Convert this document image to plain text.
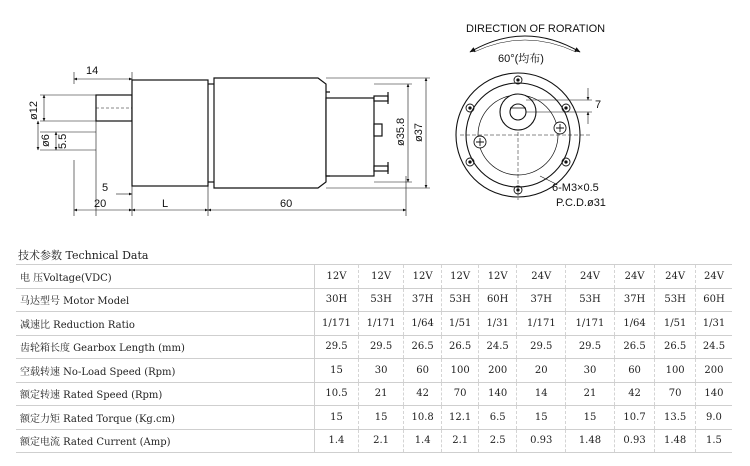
14
ø12
ø6 5.5
5
20	L	60
ø35.8 ø37
DIRECTION OF RORATION
60°(均布)
7
6-M3×0.5
P.C.D.ø31
技术参数 Technical Data
电 压Voltage(VDC)	12V	12V	12V	12V	12V	24V	24V	24V	24V	24V
马达型号 Motor Model	30H	53H	37H	53H	60H	37H	53H	37H	53H	60H
减速比 Reduction Ratio	1/171	1/171	1/64	1/51	1/31	1/171	1/171	1/64	1/51	1/31
齿轮箱长度 Gearbox Length (mm)	29.5	29.5	26.5	26.5	24.5	29.5	29.5	26.5	26.5	24.5
空载转速 No-Load Speed (Rpm)	15	30	60	100	200	20	30	60	100	200
额定转速 Rated Speed (Rpm)	10.5	21	42	70	140	14	21	42	70	140
额定力矩 Rated Torque (Kg.cm)	15	15	10.8	12.1	6.5	15	15	10.7	13.5	9.0
额定电流 Rated Current (Amp)	1.4	2.1	1.4	2.1	2.5	0.93	1.48	0.93	1.48	1.5
